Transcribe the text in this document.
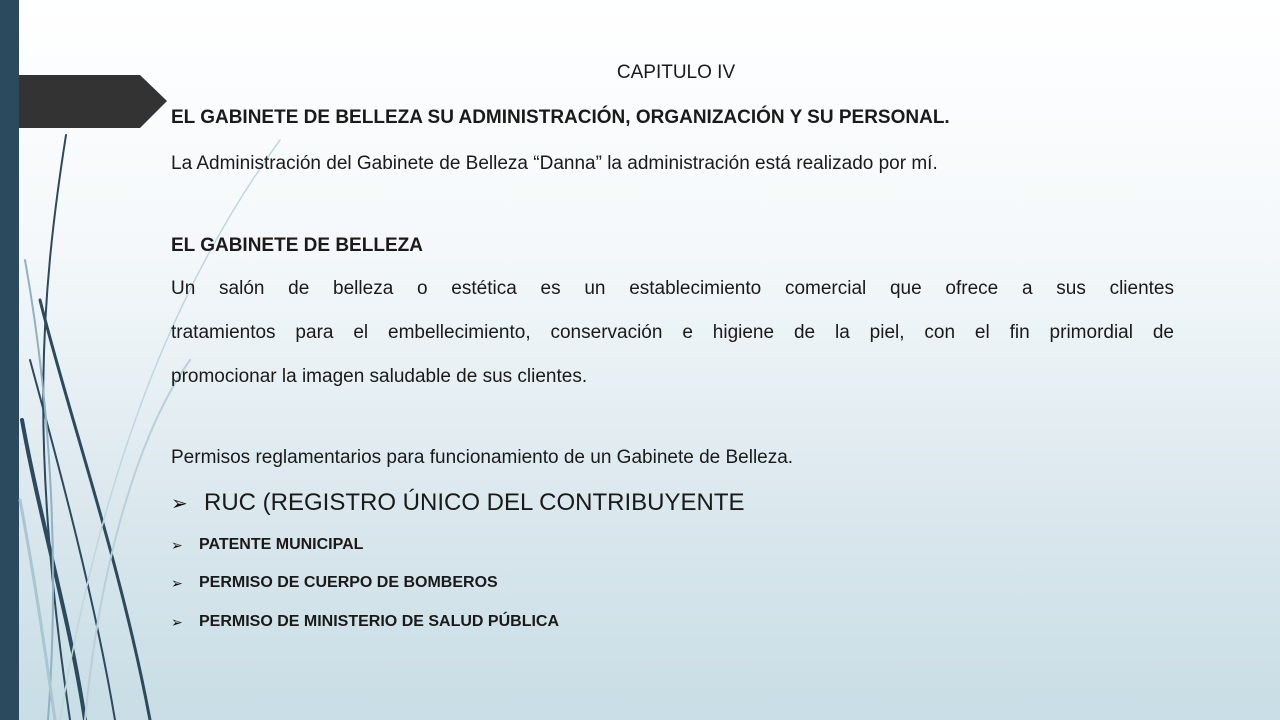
CAPITULO IV
EL GABINETE DE BELLEZA SU ADMINISTRACIÓN, ORGANIZACIÓN Y SU PERSONAL.
La Administración del Gabinete de Belleza “Danna” la administración está realizado por mí.
EL GABINETE DE BELLEZA
Un salón de belleza o estética es un establecimiento comercial que ofrece a sus clientes
tratamientos para el embellecimiento, conservación e higiene de la piel, con el fin primordial de
promocionar la imagen saludable de sus clientes.
Permisos reglamentarios para funcionamiento de un Gabinete de Belleza.
➢ RUC (REGISTRO ÚNICO DEL CONTRIBUYENTE
➢	PATENTE MUNICIPAL
➢	PERMISO DE CUERPO DE BOMBEROS
➢	PERMISO DE MINISTERIO DE SALUD PÚBLICA
